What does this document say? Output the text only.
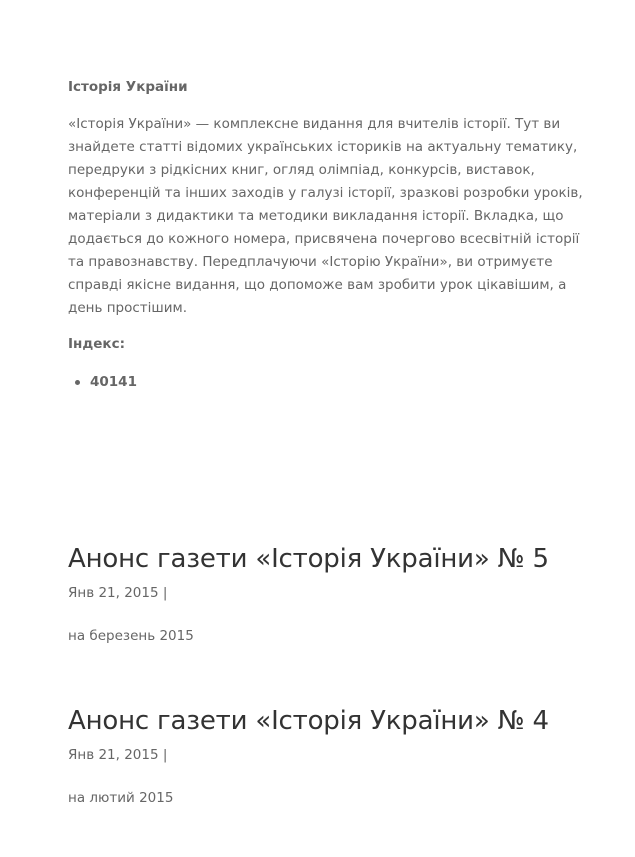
Історія України

«Історія України» — комплексне видання для вчителів історії. Тут ви знайдете статті відомих українських істориків на актуальну тематику, передруки з рідкісних книг, огляд олімпіад, конкурсів, виставок, конференцій та інших заходів у галузі історії, зразкові розробки уроків, матеріали з дидактики та методики викладання історії. Вкладка, що додається до кожного номера, присвячена почергово всесвітній історії та правознавству. Передплачуючи «Історію України», ви отримуєте справді якісне видання, що допоможе вам зробити урок цікавішим, а день простішим.

Індекс:

40141
Анонс газети «Історія України» № 5

Янв 21, 2015 |

на березень 2015

Анонс газети «Історія України» № 4

Янв 21, 2015 |

на лютий 2015
